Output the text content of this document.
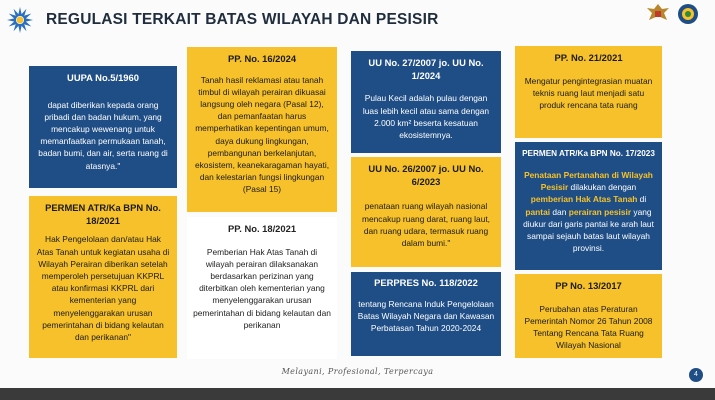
REGULASI TERKAIT BATAS WILAYAH DAN PESISIR
UUPA No.5/1960
dapat diberikan kepada orang pribadi dan badan hukum, yang mencakup wewenang untuk memanfaatkan permukaan tanah, badan bumi, dan air, serta ruang di atasnya."
PERMEN ATR/Ka BPN No. 18/2021
Hak Pengelolaan dan/atau Hak Atas Tanah untuk kegiatan usaha di Wilayah Perairan diberikan setelah memperoleh persetujuan KKPRL atau konfirmasi KKPRL dari kementerian yang menyelenggarakan urusan pemerintahan di bidang kelautan dan perikanan"
PP. No. 16/2024
Tanah hasil reklamasi atau tanah timbul di wilayah perairan dikuasai langsung oleh negara (Pasal 12), dan pemanfaatan harus memperhatikan kepentingan umum, daya dukung lingkungan, pembangunan berkelanjutan, ekosistem, keanekaragaman hayati, dan kelestarian fungsi lingkungan (Pasal 15)
PP. No. 18/2021
Pemberian Hak Atas Tanah di wilayah perairan dilaksanakan berdasarkan perizinan yang diterbitkan oleh kementerian yang menyelenggarakan urusan pemerintahan di bidang kelautan dan perikanan
UU No. 27/2007 jo. UU No. 1/2024
Pulau Kecil adalah pulau dengan luas lebih kecil atau sama dengan 2.000 km² beserta kesatuan ekosistemnya.
UU No. 26/2007 jo. UU No. 6/2023
penataan ruang wilayah nasional mencakup ruang darat, ruang laut, dan ruang udara, termasuk ruang dalam bumi."
PERPRES No. 118/2022
tentang Rencana Induk Pengelolaan Batas Wilayah Negara dan Kawasan Perbatasan Tahun 2020-2024
PP. No. 21/2021
Mengatur pengintegrasian muatan teknis ruang laut menjadi satu produk rencana tata ruang
PERMEN ATR/Ka BPN No. 17/2023
Penataan Pertanahan di Wilayah Pesisir dilakukan dengan pemberian Hak Atas Tanah di pantai dan perairan pesisir yang diukur dari garis pantai ke arah laut sampai sejauh batas laut wilayah provinsi.
PP No. 13/2017
Perubahan atas Peraturan Pemerintah Nomor 26 Tahun 2008 Tentang Rencana Tata Ruang Wilayah Nasional
Melayani, Profesional, Terpercaya	4
